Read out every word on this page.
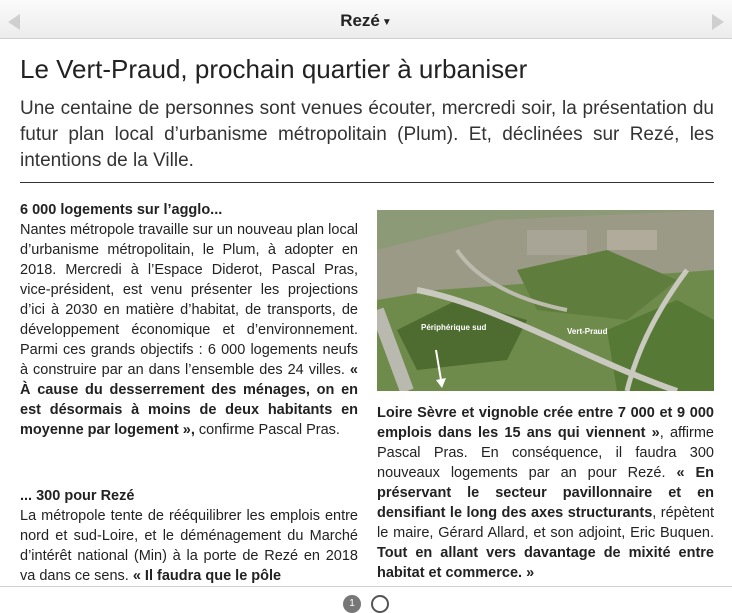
Rezé ▼
Le Vert-Praud, prochain quartier à urbaniser

Une centaine de personnes sont venues écouter, mercredi soir, la présentation du futur plan local d’urbanisme métropolitain (Plum). Et, déclinées sur Rezé, les intentions de la Ville.

6 000 logements sur l’agglo...

Nantes métropole travaille sur un nouveau plan local d’urbanisme métropolitain, le Plum, à adopter en 2018. Mercredi à l’Espace Diderot, Pascal Pras, vice-président, est venu présenter les projections d’ici à 2030 en matière d’habitat, de transports, de développement économique et d’environnement. Parmi ces grands objectifs : 6 000 logements neufs à construire par an dans l’ensemble des 24 villes. « À cause du desserrement des ménages, on en est désormais à moins de deux habitants en moyenne par logement », confirme Pascal Pras.

... 300 pour Rezé

La métropole tente de rééquilibrer les emplois entre nord et sud-Loire, et le déménagement du Marché d’intérêt national (Min) à la porte de Rezé en 2018 va dans ce sens. « Il faudra que le pôle

Périphérique sud	Vert-Praud

Loire Sèvre et vignoble crée entre 7 000 et 9 000 emplois dans les 15 ans qui viennent », affirme Pascal Pras. En conséquence, il faudra 300 nouveaux logements par an pour Rezé. « En préservant le secteur pavillonnaire et en densifiant le long des axes structurants, répètent le maire, Gérard Allard, et son adjoint, Eric Buquen. Tout en allant vers davantage de mixité entre habitat et commerce. »

1
